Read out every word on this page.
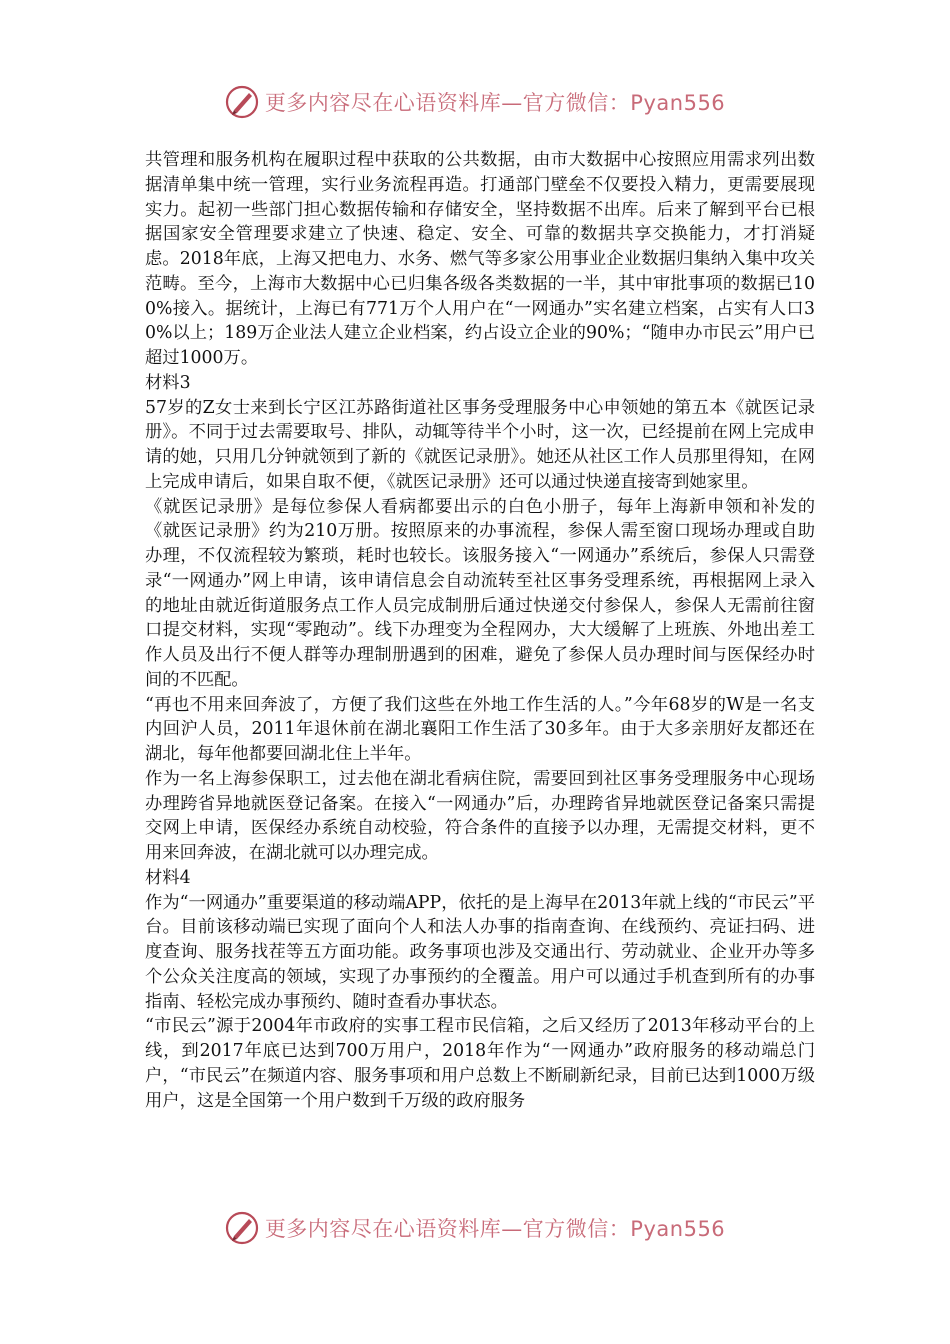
更多内容尽在心语资料库—官方微信：Pyan556

共管理和服务机构在履职过程中获取的公共数据，由市大数据中心按照应用需求列出数据清单集中统一管理，实行业务流程再造。打通部门壁垒不仅要投入精力，更需要展现实力。起初一些部门担心数据传输和存储安全，坚持数据不出库。后来了解到平台已根据国家安全管理要求建立了快速、稳定、安全、可靠的数据共享交换能力，才打消疑虑。2018年底，上海又把电力、水务、燃气等多家公用事业企业数据归集纳入集中攻关范畴。至今，上海市大数据中心已归集各级各类数据的一半，其中审批事项的数据已100%接入。据统计，上海已有771万个人用户在“一网通办”实名建立档案，占实有人口30%以上；189万企业法人建立企业档案，约占设立企业的90%；“随申办市民云”用户已超过1000万。

材料3

57岁的Z女士来到长宁区江苏路街道社区事务受理服务中心申领她的第五本《就医记录册》。不同于过去需要取号、排队，动辄等待半个小时，这一次，已经提前在网上完成申请的她，只用几分钟就领到了新的《就医记录册》。她还从社区工作人员那里得知，在网上完成申请后，如果自取不便，《就医记录册》还可以通过快递直接寄到她家里。

《就医记录册》是每位参保人看病都要出示的白色小册子，每年上海新申领和补发的《就医记录册》约为210万册。按照原来的办事流程，参保人需至窗口现场办理或自助办理，不仅流程较为繁琐，耗时也较长。该服务接入“一网通办”系统后，参保人只需登录“一网通办”网上申请，该申请信息会自动流转至社区事务受理系统，再根据网上录入的地址由就近街道服务点工作人员完成制册后通过快递交付参保人，参保人无需前往窗口提交材料，实现“零跑动”。线下办理变为全程网办，大大缓解了上班族、外地出差工作人员及出行不便人群等办理制册遇到的困难，避免了参保人员办理时间与医保经办时间的不匹配。

“再也不用来回奔波了，方便了我们这些在外地工作生活的人。”今年68岁的W是一名支内回沪人员，2011年退休前在湖北襄阳工作生活了30多年。由于大多亲朋好友都还在湖北，每年他都要回湖北住上半年。

作为一名上海参保职工，过去他在湖北看病住院，需要回到社区事务受理服务中心现场办理跨省异地就医登记备案。在接入“一网通办”后，办理跨省异地就医登记备案只需提交网上申请，医保经办系统自动校验，符合条件的直接予以办理，无需提交材料，更不用来回奔波，在湖北就可以办理完成。

材料4

作为“一网通办”重要渠道的移动端APP，依托的是上海早在2013年就上线的“市民云”平台。目前该移动端已实现了面向个人和法人办事的指南查询、在线预约、亮证扫码、进度查询、服务找茬等五方面功能。政务事项也涉及交通出行、劳动就业、企业开办等多个公众关注度高的领域，实现了办事预约的全覆盖。用户可以通过手机查到所有的办事指南、轻松完成办事预约、随时查看办事状态。

“市民云”源于2004年市政府的实事工程市民信箱，之后又经历了2013年移动平台的上线，到2017年底已达到700万用户，2018年作为“一网通办”政府服务的移动端总门户，“市民云”在频道内容、服务事项和用户总数上不断刷新纪录，目前已达到1000万级用户，这是全国第一个用户数到千万级的政府服务

更多内容尽在心语资料库—官方微信：Pyan556
